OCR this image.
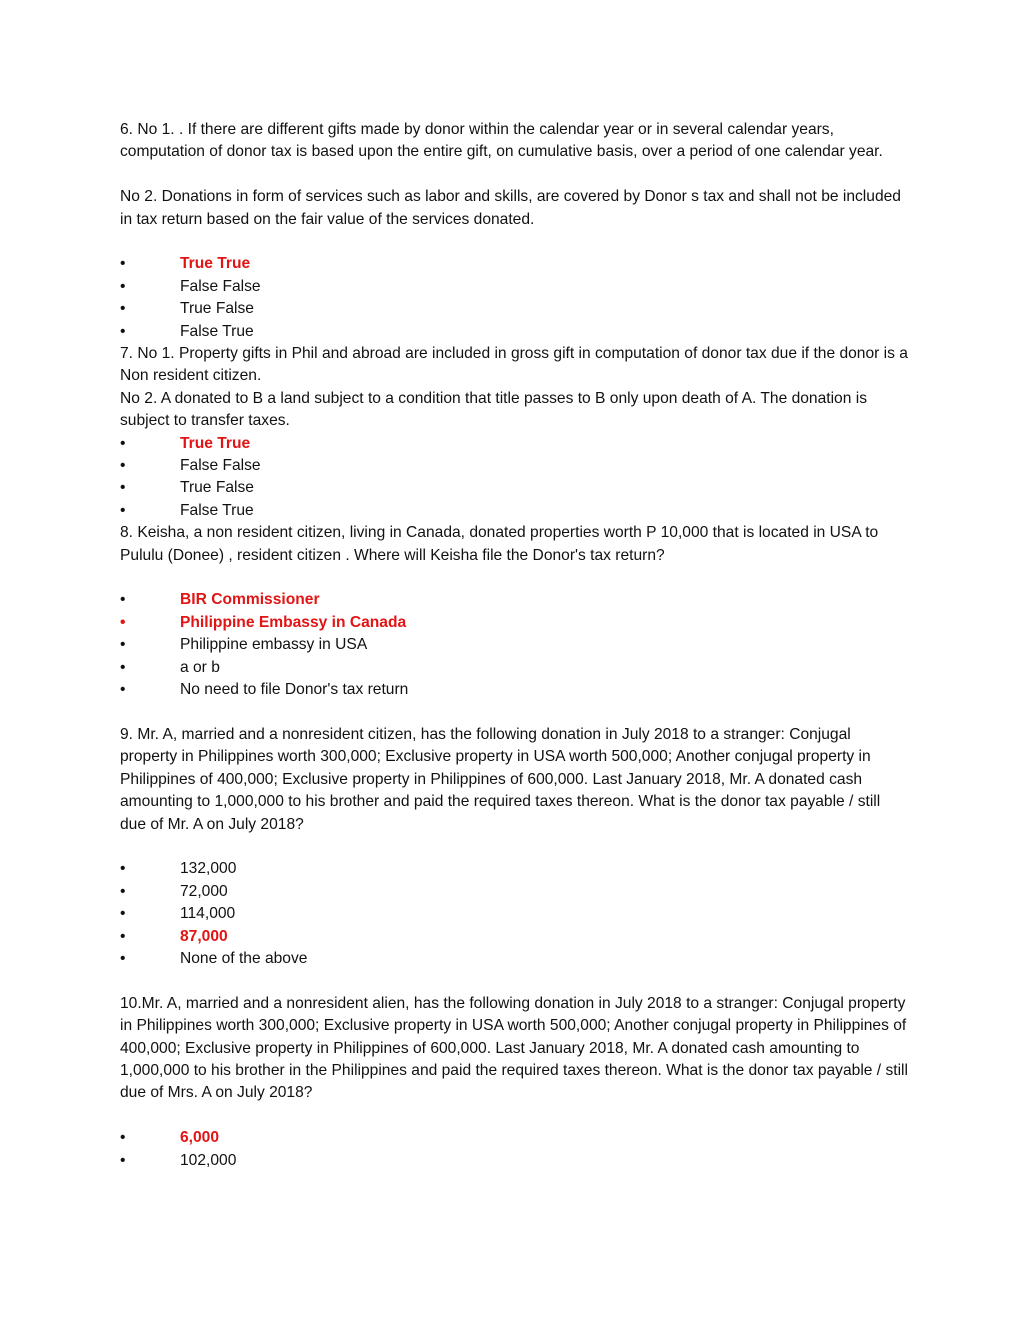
6. No 1. . If there are different gifts made by donor within the calendar year or in several calendar years, computation of donor tax is based upon the entire gift, on cumulative basis, over a period of one calendar year.

No 2. Donations in form of services such as labor and skills, are covered by Donor s tax and shall not be included in tax return based on the fair value of the services donated.

•	True True
•	False False
•	True False
•	False True

7. No 1. Property gifts in Phil and abroad are included in gross gift in computation of donor tax due if the donor is a Non resident citizen.

No 2. A donated to B a land subject to a condition that title passes to B only upon death of A. The donation is subject to transfer taxes.

•	True True
•	False False
•	True False
•	False True

8. Keisha, a non resident citizen, living in Canada, donated properties worth P 10,000 that is located in USA to Pululu (Donee) , resident citizen . Where will Keisha file the Donor's tax return?

•	BIR Commissioner
•	Philippine Embassy in Canada
•	Philippine embassy in USA
•	a or b
•	No need to file Donor's tax return

9. Mr. A, married and a nonresident citizen, has the following donation in July 2018 to a stranger: Conjugal property in Philippines worth 300,000; Exclusive property in USA worth 500,000; Another conjugal property in Philippines of 400,000; Exclusive property in Philippines of 600,000. Last January 2018, Mr. A donated cash amounting to 1,000,000 to his brother and paid the required taxes thereon. What is the donor tax payable / still due of Mr. A on July 2018?

•	132,000
•	72,000
•	114,000
•	87,000
•	None of the above

10.Mr. A, married and a nonresident alien, has the following donation in July 2018 to a stranger: Conjugal property in Philippines worth 300,000; Exclusive property in USA worth 500,000; Another conjugal property in Philippines of 400,000; Exclusive property in Philippines of 600,000. Last January 2018, Mr. A donated cash amounting to 1,000,000 to his brother in the Philippines and paid the required taxes thereon. What is the donor tax payable / still due of Mrs. A on July 2018?

•	6,000
•	102,000
